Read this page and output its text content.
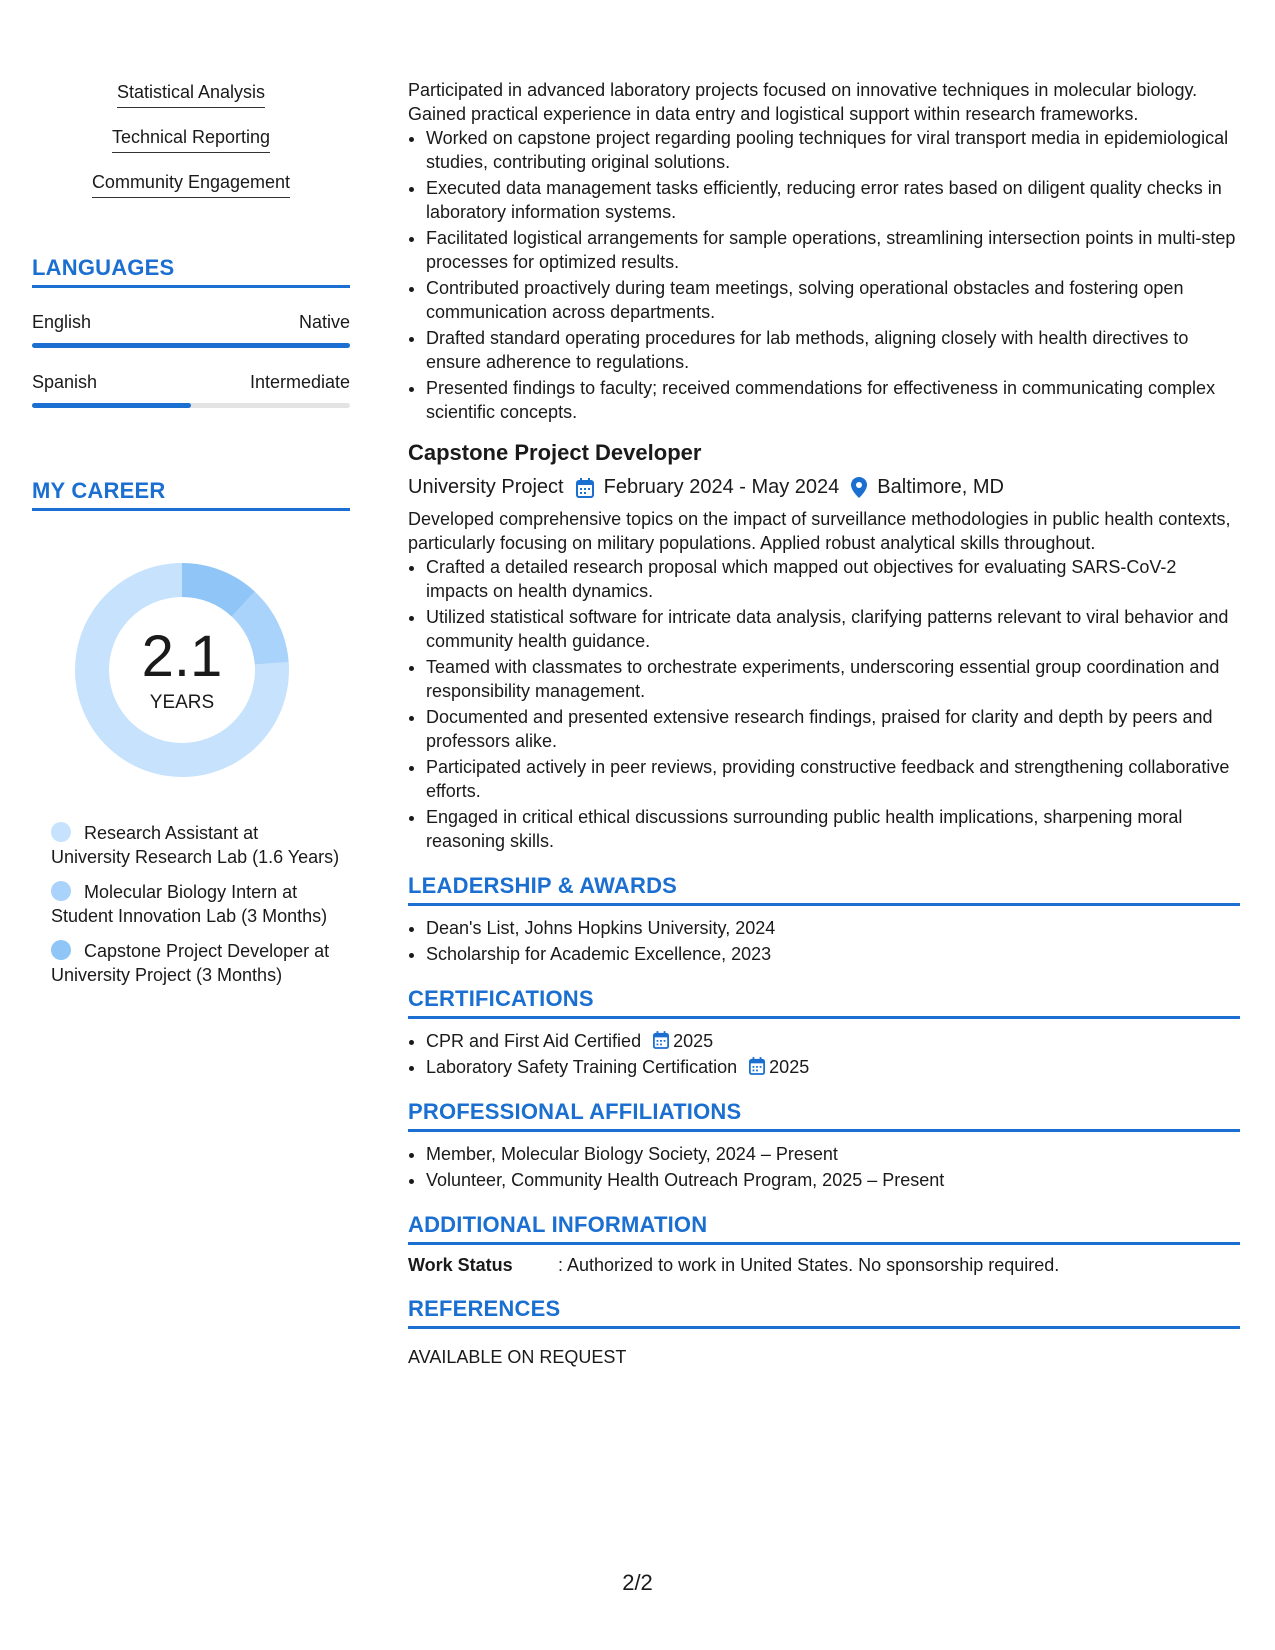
Statistical Analysis
Technical Reporting
Community Engagement
LANGUAGES
English	Native
Spanish	Intermediate
MY CAREER
2.1
YEARS
Research Assistant at University Research Lab (1.6 Years)
Molecular Biology Intern at Student Innovation Lab (3 Months)
Capstone Project Developer at University Project (3 Months)

Participated in advanced laboratory projects focused on innovative techniques in molecular biology. Gained practical experience in data entry and logistical support within research frameworks.

• Worked on capstone project regarding pooling techniques for viral transport media in epidemiological studies, contributing original solutions.
• Executed data management tasks efficiently, reducing error rates based on diligent quality checks in laboratory information systems.
• Facilitated logistical arrangements for sample operations, streamlining intersection points in multi-step processes for optimized results.
• Contributed proactively during team meetings, solving operational obstacles and fostering open communication across departments.
• Drafted standard operating procedures for lab methods, aligning closely with health directives to ensure adherence to regulations.
• Presented findings to faculty; received commendations for effectiveness in communicating complex scientific concepts.
Capstone Project Developer
University Project February 2024 - May 2024 Baltimore, MD

Developed comprehensive topics on the impact of surveillance methodologies in public health contexts, particularly focusing on military populations. Applied robust analytical skills throughout.

• Crafted a detailed research proposal which mapped out objectives for evaluating SARS-CoV-2 impacts on health dynamics.
• Utilized statistical software for intricate data analysis, clarifying patterns relevant to viral behavior and community health guidance.
• Teamed with classmates to orchestrate experiments, underscoring essential group coordination and responsibility management.
• Documented and presented extensive research findings, praised for clarity and depth by peers and professors alike.
• Participated actively in peer reviews, providing constructive feedback and strengthening collaborative efforts.
• Engaged in critical ethical discussions surrounding public health implications, sharpening moral reasoning skills.
LEADERSHIP & AWARDS
• Dean's List, Johns Hopkins University, 2024
• Scholarship for Academic Excellence, 2023
CERTIFICATIONS
• CPR and First Aid Certified 2025
• Laboratory Safety Training Certification 2025
PROFESSIONAL AFFILIATIONS
• Member, Molecular Biology Society, 2024 – Present
• Volunteer, Community Health Outreach Program, 2025 – Present
ADDITIONAL INFORMATION
Work Status	: Authorized to work in United States. No sponsorship required.
REFERENCES
AVAILABLE ON REQUEST
2/2
